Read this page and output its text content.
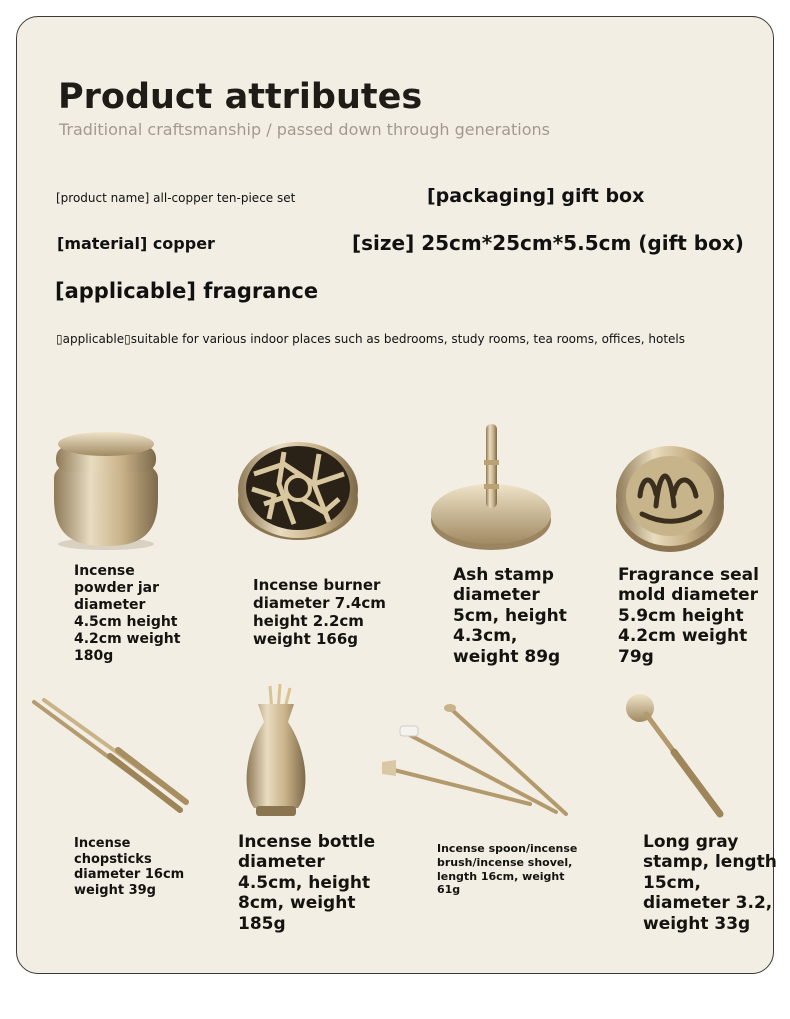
Product attributes
Traditional craftsmanship / passed down through generations
[product name] all-copper ten-piece set	[packaging] gift box
[material] copper	[size] 25cm*25cm*5.5cm (gift box)
[applicable] fragrance
▯applicable▯suitable for various indoor places such as bedrooms, study rooms, tea rooms, offices, hotels
Incense
powder jar
diameter
4.5cm height
4.2cm weight
180g
Incense burner
diameter 7.4cm
height 2.2cm
weight 166g
Ash stamp
diameter
5cm, height
4.3cm,
weight 89g
Fragrance seal
mold diameter
5.9cm height
4.2cm weight
79g
Incense
chopsticks
diameter 16cm
weight 39g
Incense bottle
diameter
4.5cm, height
8cm, weight
185g
Incense spoon/incense
brush/incense shovel,
length 16cm, weight
61g
Long gray
stamp, length
15cm,
diameter 3.2,
weight 33g
